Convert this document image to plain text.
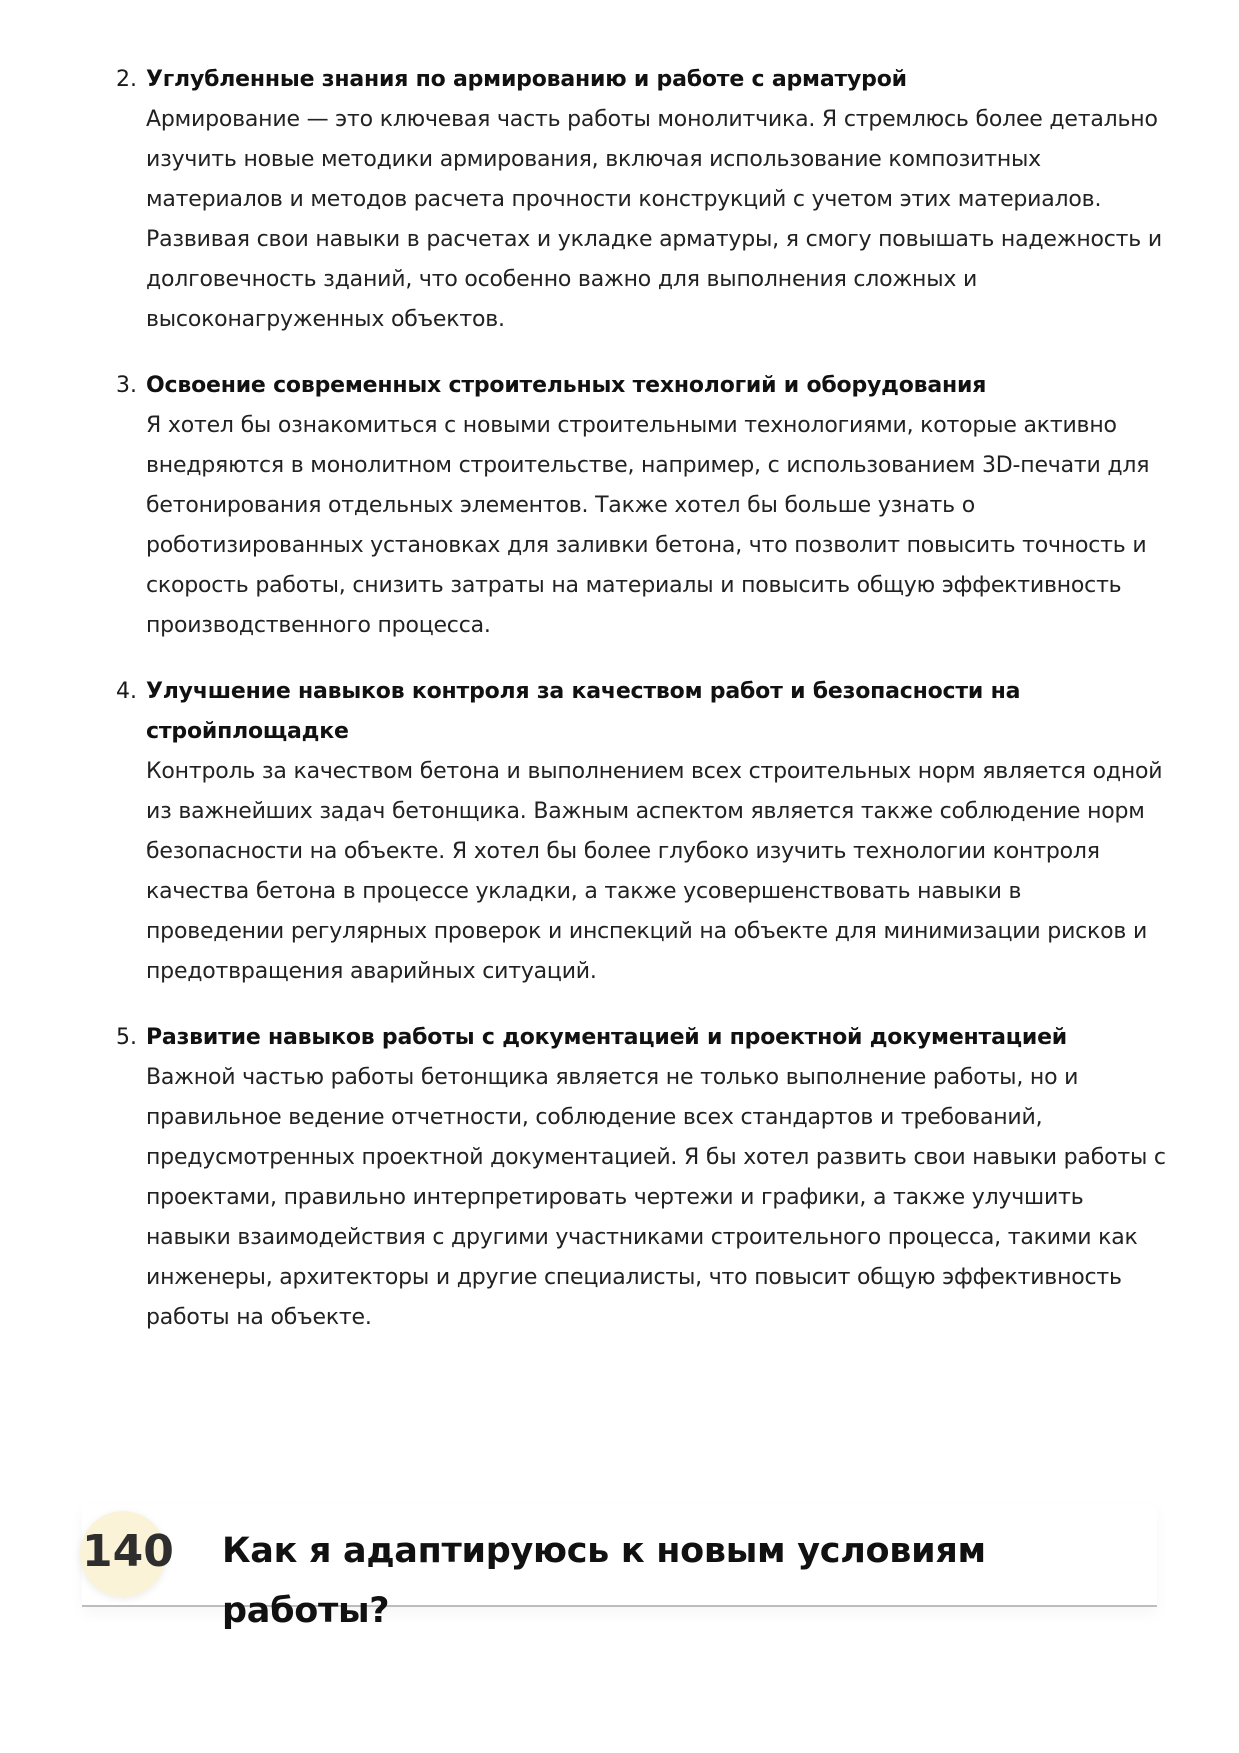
2. Углубленные знания по армированию и работе с арматурой
Армирование — это ключевая часть работы монолитчика. Я стремлюсь более детально изучить новые методики армирования, включая использование композитных материалов и методов расчета прочности конструкций с учетом этих материалов. Развивая свои навыки в расчетах и укладке арматуры, я смогу повышать надежность и долговечность зданий, что особенно важно для выполнения сложных и высоконагруженных объектов.
3. Освоение современных строительных технологий и оборудования
Я хотел бы ознакомиться с новыми строительными технологиями, которые активно внедряются в монолитном строительстве, например, с использованием 3D-печати для бетонирования отдельных элементов. Также хотел бы больше узнать о роботизированных установках для заливки бетона, что позволит повысить точность и скорость работы, снизить затраты на материалы и повысить общую эффективность производственного процесса.
4. Улучшение навыков контроля за качеством работ и безопасности на стройплощадке
Контроль за качеством бетона и выполнением всех строительных норм является одной из важнейших задач бетонщика. Важным аспектом является также соблюдение норм безопасности на объекте. Я хотел бы более глубоко изучить технологии контроля качества бетона в процессе укладки, а также усовершенствовать навыки в проведении регулярных проверок и инспекций на объекте для минимизации рисков и предотвращения аварийных ситуаций.
5. Развитие навыков работы с документацией и проектной документацией
Важной частью работы бетонщика является не только выполнение работы, но и правильное ведение отчетности, соблюдение всех стандартов и требований, предусмотренных проектной документацией. Я бы хотел развить свои навыки работы с проектами, правильно интерпретировать чертежи и графики, а также улучшить навыки взаимодействия с другими участниками строительного процесса, такими как инженеры, архитекторы и другие специалисты, что повысит общую эффективность работы на объекте.
140 Как я адаптируюсь к новым условиям работы?
